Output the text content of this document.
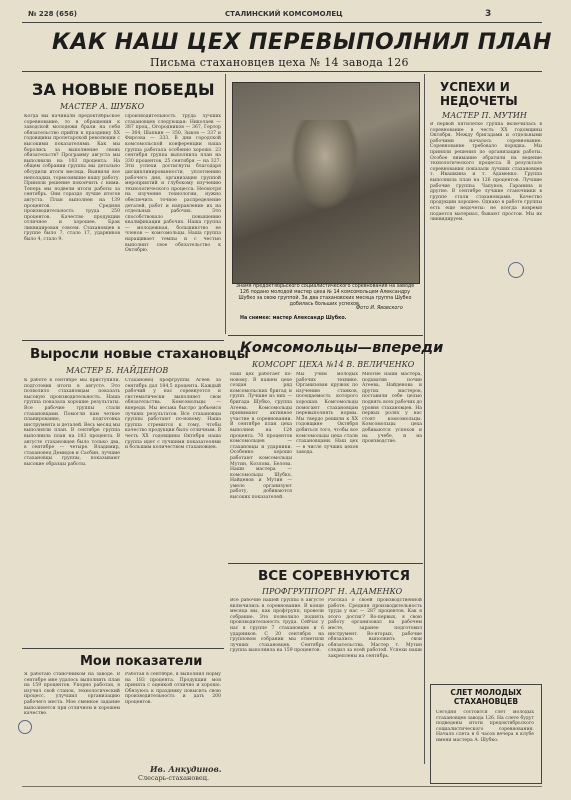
№ 228 (656)	СТАЛИНСКИЙ КОМСОМОЛЕЦ	3
КАК НАШ ЦЕХ ПЕРЕВЫПОЛНИЛ ПЛАН
Письма стахановцев цеха № 14 завода 126
ЗА НОВЫЕ ПОБЕДЫ
МАСТЕР А. ШУБКО
Когда мы начинали предоктябрьское соревнование, то в обращении к заводской молодежи брали на себя обязательство прийти к празднику XX годовщины пролетарской революции с высокими показателями. Как мы боролись за выполнение своих обязательств? Программу августа мы выполнили на 103 процента. На общем собрании группы мы детально обсудили итоги месяца. Выявили все неполадки, тормозившие нашу работу. Приняли решение покончить с ними. Теперь мы подвели итоги работы за сентябрь. Они гораздо лучше итогов августа. План выполнен на 139 процентов. Средняя производительность труда 250 процентов. Качество продукции отличное и хорошее. Брак ликвидирован совсем. Стахановцев в группе было 7, стало 17, ударников было 4, стало 9.
Производительность труда лучших стахановцев следующая: Николаев — 387 проц., Огородников — 367, Гертор — 364, Шапкин — 350, Зыков — 337 и Фирсова — 333. В дни городской комсомольской конференции наша группа работала особенно хорошо. 23 сентября группа выполнила план на 330 процентов, 25 сентября — на 327. Эти успехи достигнуты благодаря дисциплинированности, уплотнению рабочего дня, организации группой мероприятий и глубокому изучению технологического процесса. Несмотря на изучение технологии, нужно обеспечить точное распределение деталей, работ и направление их на отдельных рабочих. Это способствовало повышению квалификации рабочих. Наша группа — молодежная, большинство ее членов — комсомольцы. Наша группа наращивает темпы и с честью выполнит свое обязательство к Октябрю.
Выросли новые стахановцы
МАСТЕР Б. НАЙДЕНОВ
К работе в сентябре мы приступили, подготовив итоги в августе. Это позволило стахановцам показать высокую производительность. Наша группа показала хорошие результаты. Все рабочие группы стали стахановцами. Помогли нам четкое планирование, подготовка инструмента и деталей. Весь месяц мы выполняли план. В сентябре группа выполнила план на 183 процента. В августе стахановцев было только два, в сентябре — четыре. Владимир, стахановец Демидов и Сасбин, лучшие стахановцы группы, показывают высокие образцы работы.
Стахановец профгруппы Агеев за сентябрь дал 184,5 процента. Каждый рабочий у нас соревнуется и систематически выполняет свои обязательства. Комсомольцы — впереди. Мы весьма быстро добьемся лучших результатов. Все стахановцы группы работают по-новому. Наша группа стремится к тому, чтобы качество продукции было отличным. В честь XX годовщины Октября наша группа идет с лучшими показателями и большим количеством стахановцев.
Мои показатели
Я работаю станочником на заводе. В сентябре мне удалось выполнить план на 159 процентов. Упорно работая, я изучил свой станок, технологический процесс, улучшил организацию рабочего места. Мое сменное задание выполняется при отличном и хорошем качестве.
Работая в сентябре, я выполнил норму на 183 процента. Продукция моя принята с оценкой отлично и хорошо. Обязуюсь к празднику повысить свою производительность и дать 200 процентов.
Ив. Анкудинов.
Слесарь-стахановец.
Знамя предоктябрьского социалистического соревнования на заводе 126 подано молодой мастер цеха № 14 комсомольцем Александру Шубко за свою группой. За два стахановских месяца группа Шубко добилась больших успехов.
На снимке: мастер Александр Шубко.
Фото И. Явовского
Комсомольцы—впереди
КОМСОРГ ЦЕХА №14 В. ВЕЛИЧЕНКО
Наш цех работает по-новому. В нашем цехе создан ряд комсомольских бригад и групп. Лучшие из них — бригада Шубко, группа Агеева. Комсомольцы принимают активное участие в соревновании. В сентябре план цеха выполнен на 124 процента. 70 процентов комсомольцев — стахановцы и ударники. Особенно хорошо работают комсомольцы Мутин, Козлова, Белова. Наши мастера — комсомольцы Шубко, Найденов и Мутин — умело организуют работу, добиваются высоких показателей.
Мы учим молодых рабочих технике. Организован кружок по изучению станков, посещаемость которого хорошая. Комсомольцы помогают стахановцам перевыполнять нормы. Мы твердо решили к XX годовщине Октября добиться того, чтобы все комсомольцы цеха стали стахановцами. Наш цех — в числе лучших цехов завода.
Многие наши мастера, подхватив почин Агеева, Найденова и других мастеров, поставили себе целью поднять всех рабочих до уровня стахановцев. На первых ролях у нас стоят комсомольцы. Комсомольцы цеха добиваются успехов и на учебе, и на производстве.
ВСЕ СОРЕВНУЮТСЯ
ПРОФГРУППОРГ Н. АДАМЕНКО
Все рабочие нашей группы в августе включились в соревнование. В конце месяца мы, как профгрупп, провели собрание. Это позволило поднять производительность труда. Сейчас у нас в группе 7 стахановцев и 6 ударников. С 20 сентября на групповом собрании мы отметили лучших стахановцев. Сентябрь группа выполнила на 159 процентов.
Рассказ о своей производственной работе. Средняя производительность труда у нас — 287 процентов. Как я этого достиг? Во-первых, я свою работу организовал на рабочем месте, заранее подготовил инструмент. Во-вторых, рабочие обязались выполнить свои обязательства. Мастер т. Мутин следил за всей работой. Успехи наши закреплены на сентябрь.
УСПЕХИ И НЕДОЧЕТЫ
МАСТЕР П. МУТИН
В первой пятилетке группа включилась в соревнование в честь XX годовщины Октября. Между бригадами и отдельными рабочими началось соревнование. Соревнование требовало порядка. Мы приняли решения по организации работы. Особое внимание обратили на ведение технологического процесса. В результате соревнования показали лучших стахановцев т. Ивашкина и т. Адаменко. Группа выполнила план на 126 процентов. Лучшие рабочие группы: Чапунов, Гаранина и другие. В сентябре лучшие станочники в группе стали стахановцами. Качество продукции хорошее. Однако в работе группы есть еще недочеты: не всегда вовремя подается материал, бывают простои. Мы их ликвидируем.
СЛЕТ МОЛОДЫХ СТАХАНОВЦЕВ
Сегодня состоится слет молодых стахановцев завода 126. На слете будут подведены итоги предоктябрьского социалистического соревнования. Начало слета в 6 часов вечера в клубе имени мастера А. Шубко.
